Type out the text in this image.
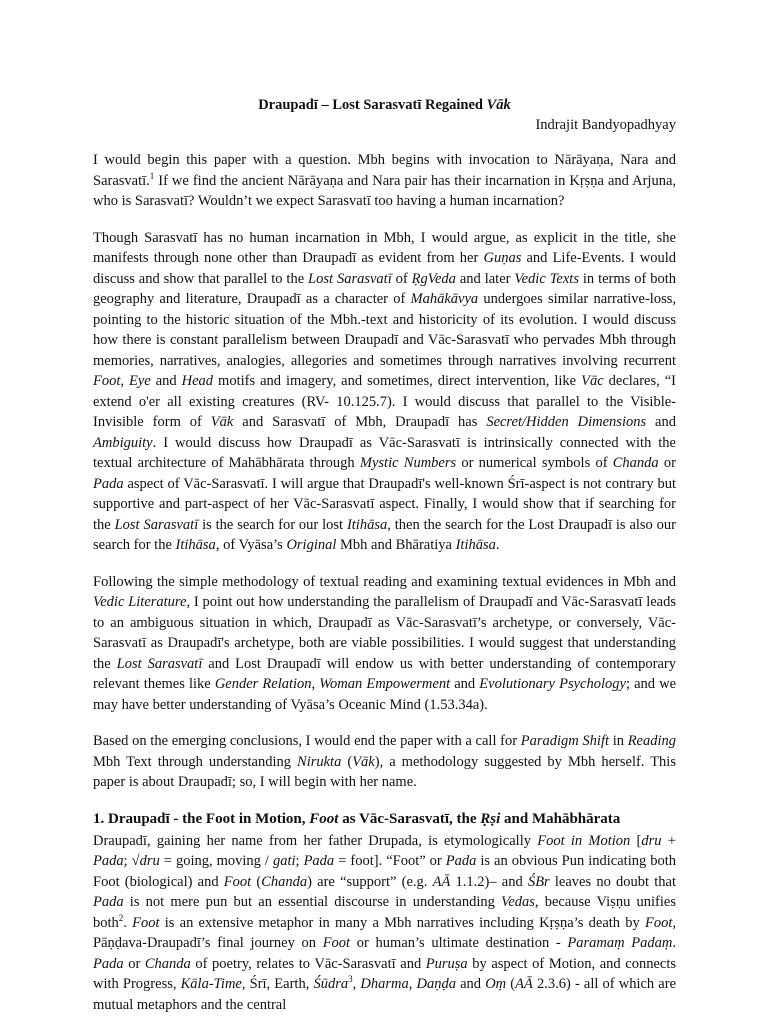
Draupadī – Lost Sarasvatī Regained Vāk
Indrajit Bandyopadhyay

I would begin this paper with a question. Mbh begins with invocation to Nārāyaṇa, Nara and Sarasvatī.$^1$ If we find the ancient Nārāyaṇa and Nara pair has their incarnation in Kṛṣṇa and Arjuna, who is Sarasvatī? Wouldn’t we expect Sarasvatī too having a human incarnation?

Though Sarasvatī has no human incarnation in Mbh, I would argue, as explicit in the title, she manifests through none other than Draupadī as evident from her Guṇas and Life-Events. I would discuss and show that parallel to the Lost Sarasvatī of ṚgVeda and later Vedic Texts in terms of both geography and literature, Draupadī as a character of Mahākāvya undergoes similar narrative-loss, pointing to the historic situation of the Mbh.-text and historicity of its evolution. I would discuss how there is constant parallelism between Draupadī and Vāc-Sarasvatī who pervades Mbh through memories, narratives, analogies, allegories and sometimes through narratives involving recurrent Foot, Eye and Head motifs and imagery, and sometimes, direct intervention, like Vāc declares, “I extend o'er all existing creatures (RV- 10.125.7). I would discuss that parallel to the Visible-Invisible form of Vāk and Sarasvatī of Mbh, Draupadī has Secret/Hidden Dimensions and Ambiguity. I would discuss how Draupadī as Vāc-Sarasvatī is intrinsically connected with the textual architecture of Mahābhārata through Mystic Numbers or numerical symbols of Chanda or Pada aspect of Vāc-Sarasvatī. I will argue that Draupadī's well-known Śrī-aspect is not contrary but supportive and part-aspect of her Vāc-Sarasvatī aspect. Finally, I would show that if searching for the Lost Sarasvatī is the search for our lost Itihāsa, then the search for the Lost Draupadī is also our search for the Itihāsa, of Vyāsa’s Original Mbh and Bhāratiya Itihāsa.

Following the simple methodology of textual reading and examining textual evidences in Mbh and Vedic Literature, I point out how understanding the parallelism of Draupadī and Vāc-Sarasvatī leads to an ambiguous situation in which, Draupadī as Vāc-Sarasvatī’s archetype, or conversely, Vāc-Sarasvatī as Draupadī's archetype, both are viable possibilities. I would suggest that understanding the Lost Sarasvatī and Lost Draupadī will endow us with better understanding of contemporary relevant themes like Gender Relation, Woman Empowerment and Evolutionary Psychology; and we may have better understanding of Vyāsa’s Oceanic Mind (1.53.34a).

Based on the emerging conclusions, I would end the paper with a call for Paradigm Shift in Reading Mbh Text through understanding Nirukta (Vāk), a methodology suggested by Mbh herself. This paper is about Draupadī; so, I will begin with her name.

1. Draupadī - the Foot in Motion, Foot as Vāc-Sarasvatī, the Ṛṣi and Mahābhārata

Draupadī, gaining her name from her father Drupada, is etymologically Foot in Motion [dru + Pada; √dru = going, moving / gati; Pada = foot]. “Foot” or Pada is an obvious Pun indicating both Foot (biological) and Foot (Chanda) are “support” (e.g. AĀ 1.1.2)– and ŚBr leaves no doubt that Pada is not mere pun but an essential discourse in understanding Vedas, because Viṣṇu unifies both$^2$. Foot is an extensive metaphor in many a Mbh narratives including Kṛṣṇa’s death by Foot, Pāṇḍava-Draupadī’s final journey on Foot or human’s ultimate destination - Paramaṃ Padaṃ. Pada or Chanda of poetry, relates to Vāc-Sarasvatī and Puruṣa by aspect of Motion, and connects with Progress, Kāla-Time, Śrī, Earth, Śūdra$^3$, Dharma, Daṇḍa and Oṃ (AĀ 2.3.6) - all of which are mutual metaphors and the central
